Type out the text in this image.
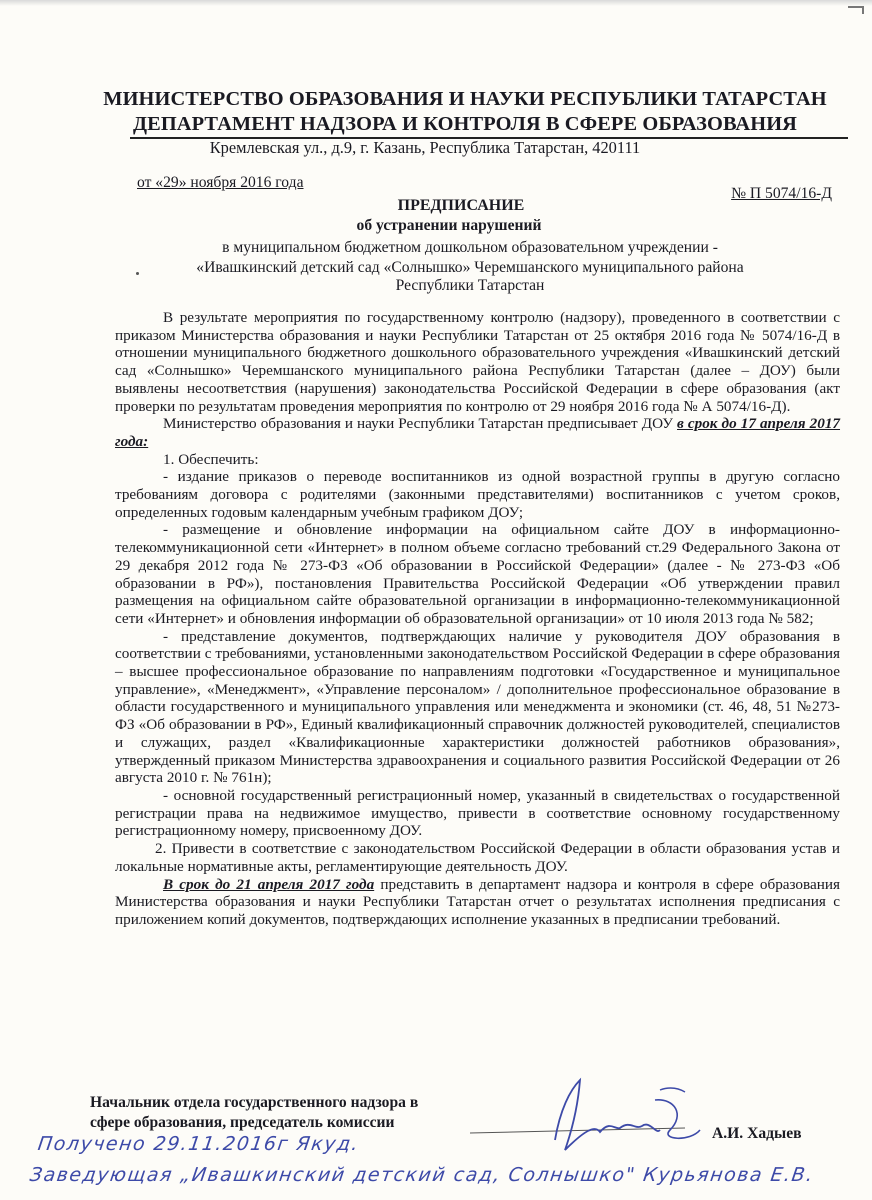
МИНИСТЕРСТВО ОБРАЗОВАНИЯ И НАУКИ РЕСПУБЛИКИ ТАТАРСТАН
ДЕПАРТАМЕНТ НАДЗОРА И КОНТРОЛЯ В СФЕРЕ ОБРАЗОВАНИЯ
Кремлевская ул., д.9, г. Казань, Республика Татарстан, 420111
от «29» ноября 2016 года
№ П 5074/16-Д
ПРЕДПИСАНИЕ
об устранении нарушений
в муниципальном бюджетном дошкольном образовательном учреждении -
«Ивашкинский детский сад «Солнышко» Черемшанского муниципального района
Республики Татарстан

В результате мероприятия по государственному контролю (надзору), проведенного в соответствии с приказом Министерства образования и науки Республики Татарстан от 25 октября 2016 года № 5074/16-Д в отношении муниципального бюджетного дошкольного образовательного учреждения «Ивашкинский детский сад «Солнышко» Черемшанского муниципального района Республики Татарстан (далее – ДОУ) были выявлены несоответствия (нарушения) законодательства Российской Федерации в сфере образования (акт проверки по результатам проведения мероприятия по контролю от 29 ноября 2016 года № А 5074/16-Д).

Министерство образования и науки Республики Татарстан предписывает ДОУ в срок до 17 апреля 2017 года:

1. Обеспечить:

- издание приказов о переводе воспитанников из одной возрастной группы в другую согласно требованиям договора с родителями (законными представителями) воспитанников с учетом сроков, определенных годовым календарным учебным графиком ДОУ;

- размещение и обновление информации на официальном сайте ДОУ в информационно-телекоммуникационной сети «Интернет» в полном объеме согласно требований ст.29 Федерального Закона от 29 декабря 2012 года № 273-ФЗ «Об образовании в Российской Федерации» (далее - № 273-ФЗ «Об образовании в РФ»), постановления Правительства Российской Федерации «Об утверждении правил размещения на официальном сайте образовательной организации в информационно-телекоммуникационной сети «Интернет» и обновления информации об образовательной организации» от 10 июля 2013 года № 582;

- представление документов, подтверждающих наличие у руководителя ДОУ образования в соответствии с требованиями, установленными законодательством Российской Федерации в сфере образования – высшее профессиональное образование по направлениям подготовки «Государственное и муниципальное управление», «Менеджмент», «Управление персоналом» / дополнительное профессиональное образование в области государственного и муниципального управления или менеджмента и экономики (ст. 46, 48, 51 №273-ФЗ «Об образовании в РФ», Единый квалификационный справочник должностей руководителей, специалистов и служащих, раздел «Квалификационные характеристики должностей работников образования», утвержденный приказом Министерства здравоохранения и социального развития Российской Федерации от 26 августа 2010 г. № 761н);

- основной государственный регистрационный номер, указанный в свидетельствах о государственной регистрации права на недвижимое имущество, привести в соответствие основному государственному регистрационному номеру, присвоенному ДОУ.

2. Привести в соответствие с законодательством Российской Федерации в области образования устав и локальные нормативные акты, регламентирующие деятельность ДОУ.

В срок до 21 апреля 2017 года представить в департамент надзора и контроля в сфере образования Министерства образования и науки Республики Татарстан отчет о результатах исполнения предписания с приложением копий документов, подтверждающих исполнение указанных в предписании требований.

Начальник отдела государственного надзора в
сфере образования, председатель комиссии
А.И. Хадыев
Получено 29.11.2016г Якуд.
Заведующая „Ивашкинский детский сад, Солнышко" Курьянова Е.В.
